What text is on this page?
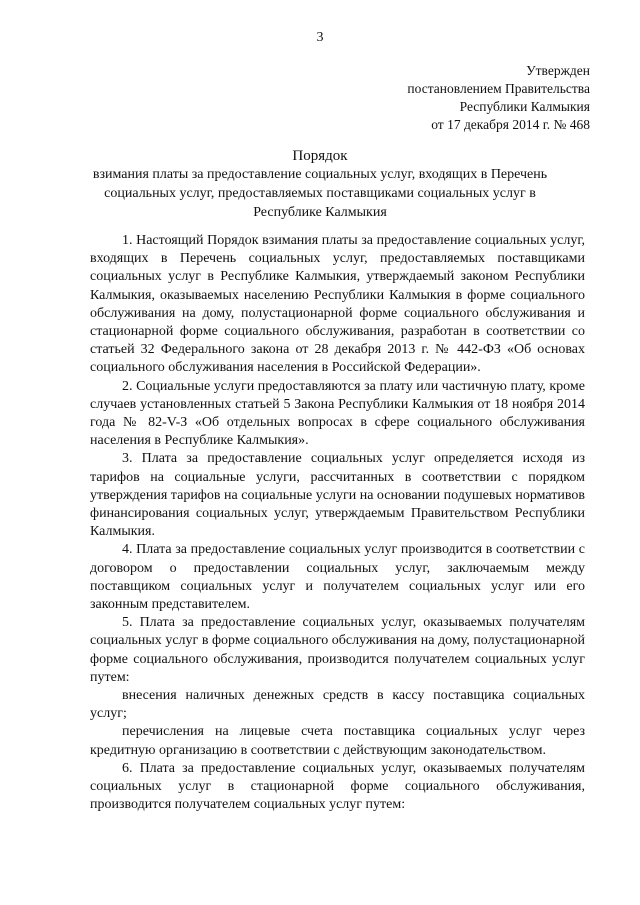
3
Утвержден
постановлением Правительства
Республики Калмыкия
от 17 декабря 2014 г. № 468
Порядок
взимания платы за предоставление социальных услуг, входящих в Перечень социальных услуг, предоставляемых поставщиками социальных услуг в Республике Калмыкия

1. Настоящий Порядок взимания платы за предоставление социальных услуг, входящих в Перечень социальных услуг, предоставляемых поставщиками социальных услуг в Республике Калмыкия, утверждаемый законом Республики Калмыкия, оказываемых населению Республики Калмыкия в форме социального обслуживания на дому, полустационарной форме социального обслуживания и стационарной форме социального обслуживания, разработан в соответствии со статьей 32 Федерального закона от 28 декабря 2013 г. № 442-ФЗ «Об основах социального обслуживания населения в Российской Федерации».

2. Социальные услуги предоставляются за плату или частичную плату, кроме случаев установленных статьей 5 Закона Республики Калмыкия от 18 ноября 2014 года № 82-V-З «Об отдельных вопросах в сфере социального обслуживания населения в Республике Калмыкия».

3. Плата за предоставление социальных услуг определяется исходя из тарифов на социальные услуги, рассчитанных в соответствии с порядком утверждения тарифов на социальные услуги на основании подушевых нормативов финансирования социальных услуг, утверждаемым Правительством Республики Калмыкия.

4. Плата за предоставление социальных услуг производится в соответствии с договором о предоставлении социальных услуг, заключаемым между поставщиком социальных услуг и получателем социальных услуг или его законным представителем.

5. Плата за предоставление социальных услуг, оказываемых получателям социальных услуг в форме социального обслуживания на дому, полустационарной форме социального обслуживания, производится получателем социальных услуг путем:

внесения наличных денежных средств в кассу поставщика социальных услуг;

перечисления на лицевые счета поставщика социальных услуг через кредитную организацию в соответствии с действующим законодательством.

6. Плата за предоставление социальных услуг, оказываемых получателям социальных услуг в стационарной форме социального обслуживания, производится получателем социальных услуг путем:
